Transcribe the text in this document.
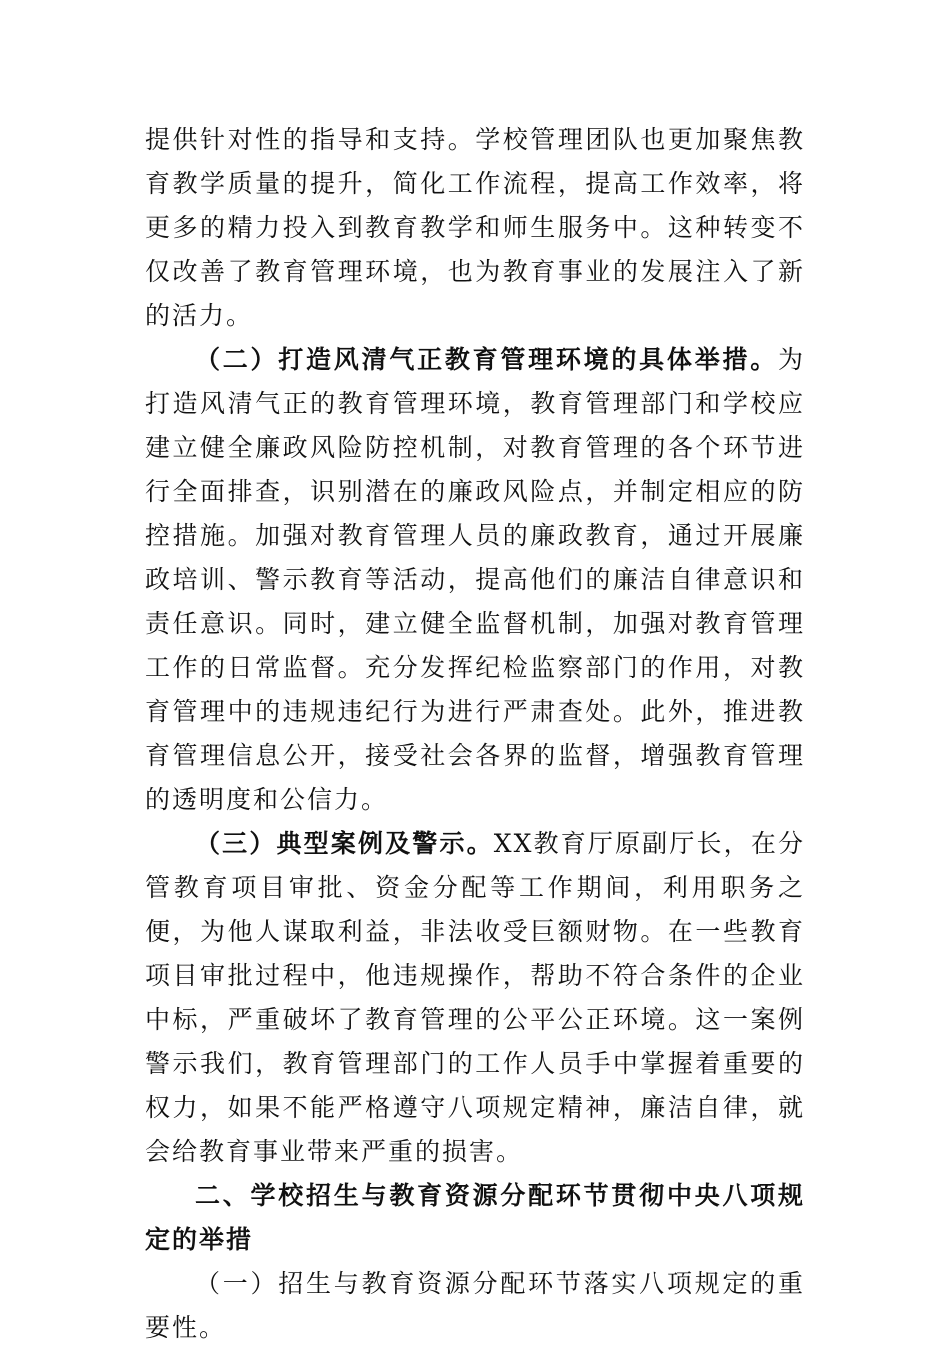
提供针对性的指导和支持。学校管理团队也更加聚焦教育教学质量的提升，简化工作流程，提高工作效率，将更多的精力投入到教育教学和师生服务中。这种转变不仅改善了教育管理环境，也为教育事业的发展注入了新的活力。

（二）打造风清气正教育管理环境的具体举措。为打造风清气正的教育管理环境，教育管理部门和学校应建立健全廉政风险防控机制，对教育管理的各个环节进行全面排查，识别潜在的廉政风险点，并制定相应的防控措施。加强对教育管理人员的廉政教育，通过开展廉政培训、警示教育等活动，提高他们的廉洁自律意识和责任意识。同时，建立健全监督机制，加强对教育管理工作的日常监督。充分发挥纪检监察部门的作用，对教育管理中的违规违纪行为进行严肃查处。此外，推进教育管理信息公开，接受社会各界的监督，增强教育管理的透明度和公信力。

（三）典型案例及警示。XX教育厅原副厅长，在分管教育项目审批、资金分配等工作期间，利用职务之便，为他人谋取利益，非法收受巨额财物。在一些教育项目审批过程中，他违规操作，帮助不符合条件的企业中标，严重破坏了教育管理的公平公正环境。这一案例警示我们，教育管理部门的工作人员手中掌握着重要的权力，如果不能严格遵守八项规定精神，廉洁自律，就会给教育事业带来严重的损害。

二、学校招生与教育资源分配环节贯彻中央八项规定的举措

（一）招生与教育资源分配环节落实八项规定的重要性。
